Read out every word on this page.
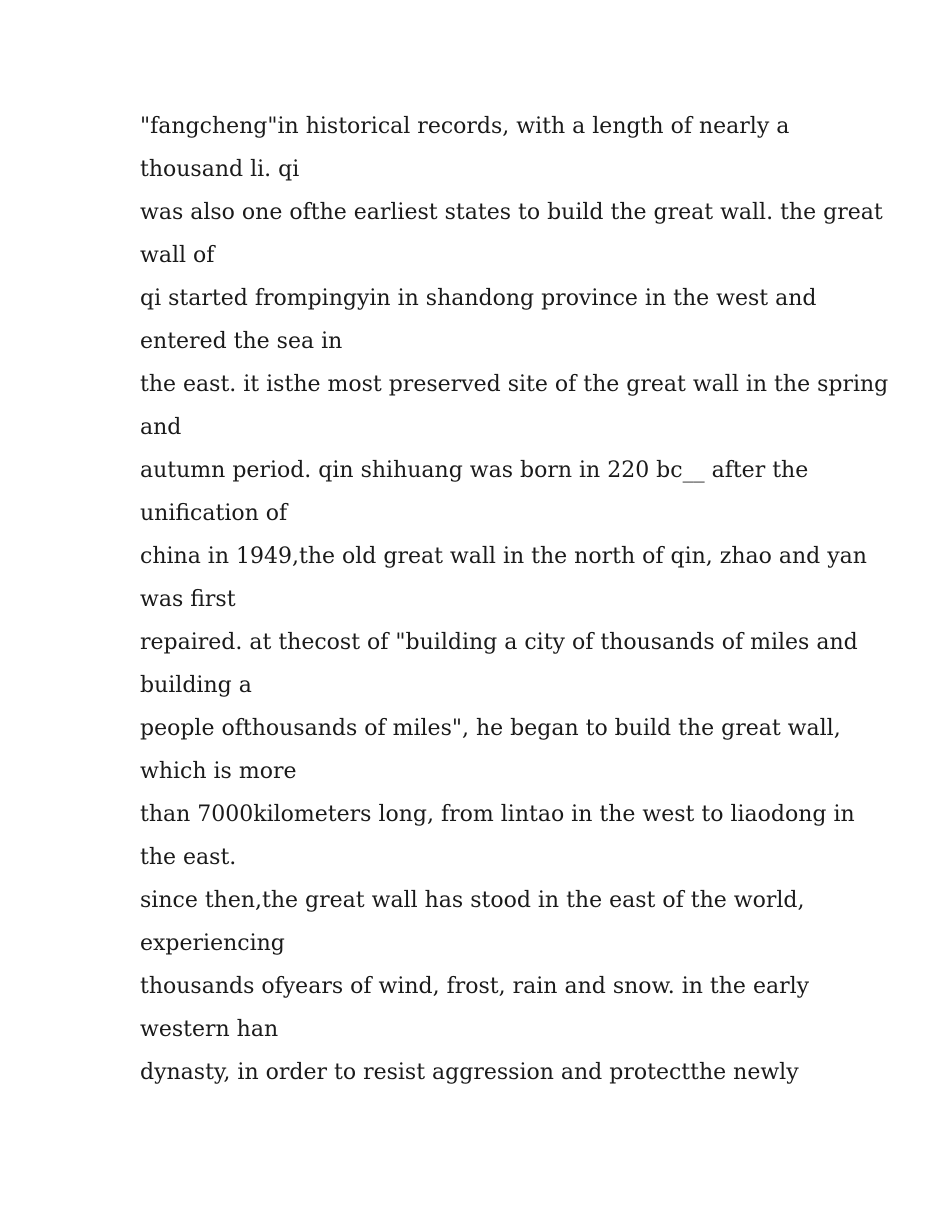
"fangcheng"in historical records, with a length of nearly a
thousand li. qi
was also one ofthe earliest states to build the great wall. the great
wall of
qi started frompingyin in shandong province in the west and
entered the sea in
the east. it isthe most preserved site of the great wall in the spring
and
autumn period. qin shihuang was born in 220 bc__ after the
unification of
china in 1949,the old great wall in the north of qin, zhao and yan
was first
repaired. at thecost of "building a city of thousands of miles and
building a
people ofthousands of miles", he began to build the great wall,
which is more
than 7000kilometers long, from lintao in the west to liaodong in
the east.
since then,the great wall has stood in the east of the world,
experiencing
thousands ofyears of wind, frost, rain and snow. in the early
western han
dynasty, in order to resist aggression and protectthe newly
